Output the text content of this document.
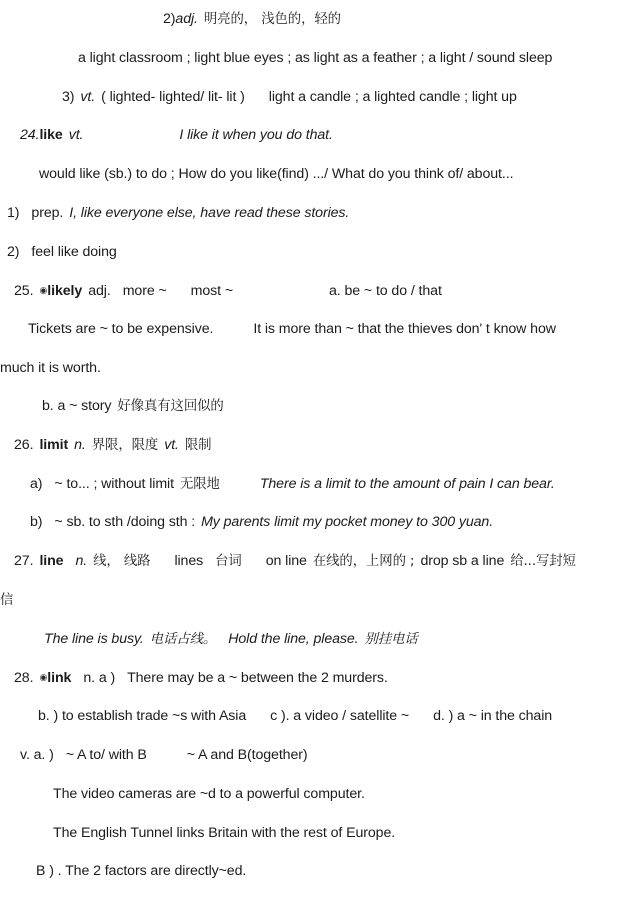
2)adj. 明亮的， 浅色的，轻的
a light classroom ; light blue eyes ; as light as a feather ; a light / sound sleep
3) vt. ( lighted- lighted/ lit- lit ) light a candle ; a lighted candle ; light up
24.like vt.	I like it when you do that.
would like (sb.) to do ; How do you like(find) .../ What do you think of/ about...
1) prep. I, like everyone else, have read these stories.
2) feel like doing
25. ◉likely adj. more ~ most ~	a. be ~ to do / that
Tickets are ~ to be expensive.	It is more than ~ that the thieves don' t know how
much it is worth.
b. a ~ story 好像真有这回似的
26. limit n. 界限，限度 vt. 限制
a) ~ to... ; without limit 无限地	There is a limit to the amount of pain I can bear.
b) ~ sb. to sth /doing sth : My parents limit my pocket money to 300 yuan.
27. line n. 线， 线路 lines 台词 on line 在线的，上网的 ; drop sb a line 给...写封短
信
The line is busy. 电话占线。 Hold the line, please. 别挂电话
28. ◉link n. a ) There may be a ~ between the 2 murders.
b. ) to establish trade ~s with Asia c ). a video / satellite ~ d. ) a ~ in the chain
v. a. ) ~ A to/ with B	~ A and B(together)
The video cameras are ~d to a powerful computer.
The English Tunnel links Britain with the rest of Europe.
B ) . The 2 factors are directly~ed.
